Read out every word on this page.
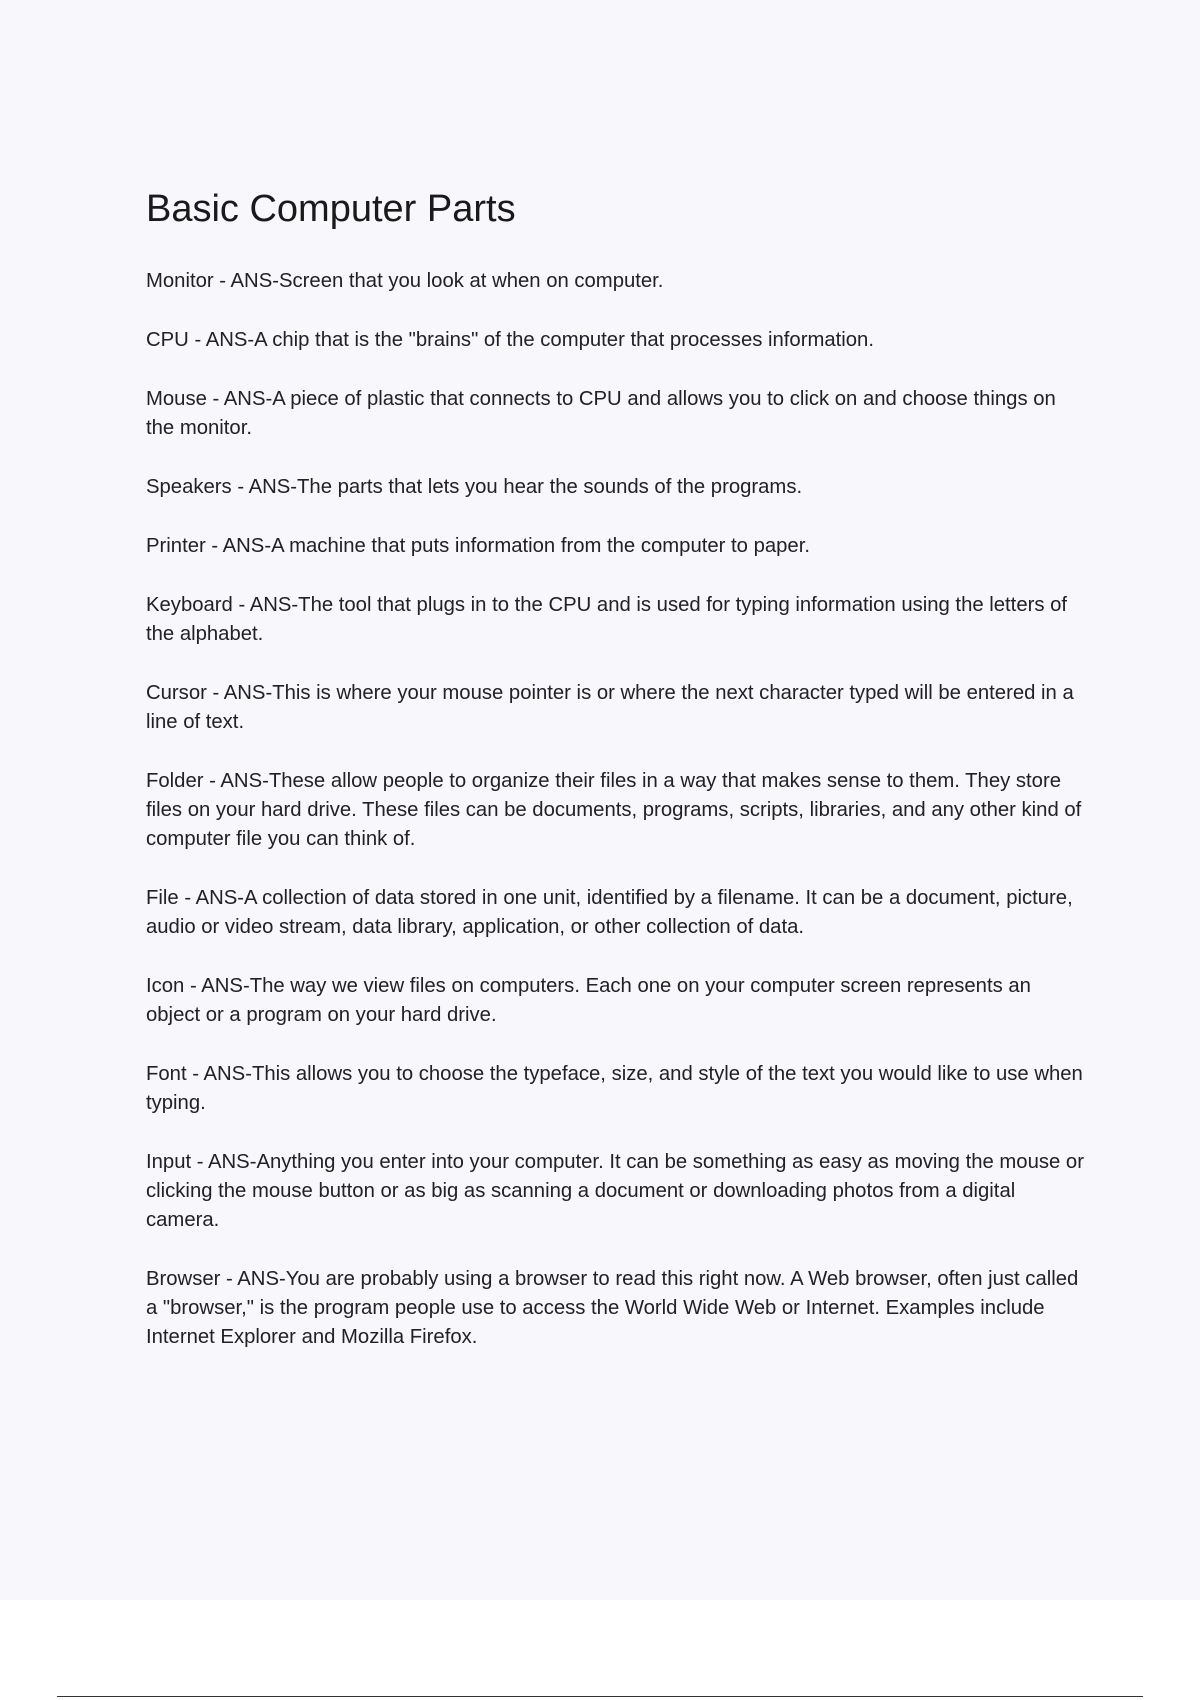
Basic Computer Parts
Monitor - ANS-Screen that you look at when on computer.
CPU - ANS-A chip that is the "brains" of the computer that processes information.
Mouse - ANS-A piece of plastic that connects to CPU and allows you to click on and choose things on the monitor.
Speakers - ANS-The parts that lets you hear the sounds of the programs.
Printer - ANS-A machine that puts information from the computer to paper.
Keyboard - ANS-The tool that plugs in to the CPU and is used for typing information using the letters of the alphabet.
Cursor - ANS-This is where your mouse pointer is or where the next character typed will be entered in a line of text.
Folder - ANS-These allow people to organize their files in a way that makes sense to them. They store files on your hard drive. These files can be documents, programs, scripts, libraries, and any other kind of computer file you can think of.
File - ANS-A collection of data stored in one unit, identified by a filename. It can be a document, picture, audio or video stream, data library, application, or other collection of data.
Icon - ANS-The way we view files on computers. Each one on your computer screen represents an object or a program on your hard drive.
Font - ANS-This allows you to choose the typeface, size, and style of the text you would like to use when typing.
Input - ANS-Anything you enter into your computer. It can be something as easy as moving the mouse or clicking the mouse button or as big as scanning a document or downloading photos from a digital camera.
Browser - ANS-You are probably using a browser to read this right now. A Web browser, often just called a "browser," is the program people use to access the World Wide Web or Internet. Examples include Internet Explorer and Mozilla Firefox.
